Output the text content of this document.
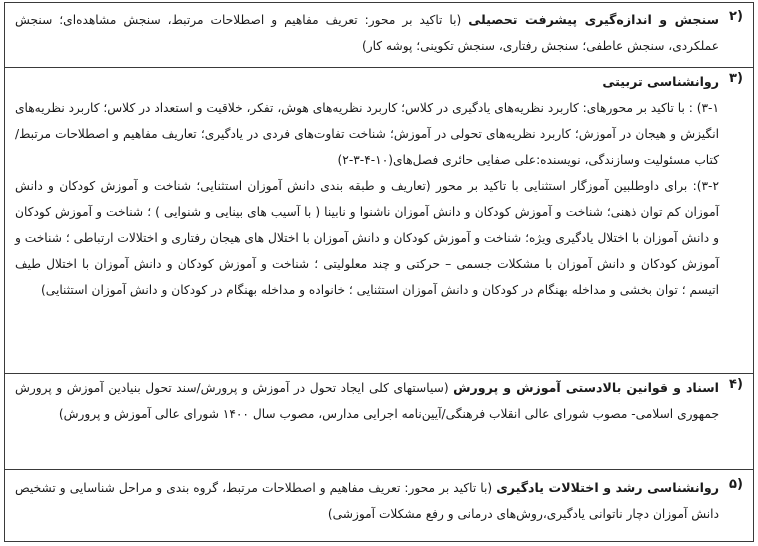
۲)
سنجش و اندازه‌گیری پیشرفت تحصیلی (با تاکید بر محور: تعریف مفاهیم و اصطلاحات مرتبط، سنجش مشاهده‌ای؛ سنجش عملکردی، سنجش عاطفی؛ سنجش رفتاری، سنجش تکوینی؛ پوشه کار)
۳)
روانشناسی تربیتی
۳-۱) : با تاکید بر محورهای: کاربرد نظریه‌های یادگیری در کلاس؛ کاربرد نظریه‌های هوش، تفکر، خلاقیت و استعداد در کلاس؛ کاربرد نظریه‌های انگیزش و هیجان در آموزش؛ کاربرد نظریه‌های تحولی در آموزش؛ شناخت تفاوت‌های فردی در یادگیری؛ تعاریف مفاهیم و اصطلاحات مرتبط/کتاب مسئولیت وسازندگی، نویسنده:علی صفایی حائری فصل‌های(۱۰-۴-۳-۲)
۳-۲): برای داوطلبین آموزگار استثنایی با تاکید بر محور (تعاریف و طبقه بندی دانش آموزان استثنایی؛ شناخت و آموزش کودکان و دانش آموزان کم توان ذهنی؛ شناخت و آموزش کودکان و دانش آموزان ناشنوا و نابینا ( با آسیب های بینایی و شنوایی ) ؛ شناخت و آموزش کودکان و دانش آموزان با اختلال یادگیری ویژه؛ شناخت و آموزش کودکان و دانش آموزان با اختلال های هیجان رفتاری و اختلالات ارتباطی ؛ شناخت و آموزش کودکان و دانش آموزان با مشکلات جسمی – حرکتی و چند معلولیتی ؛ شناخت و آموزش کودکان و دانش آموزان با اختلال طیف اتیسم ؛ توان بخشی و مداخله بهنگام در کودکان و دانش آموزان استثنایی ؛ خانواده و مداخله بهنگام در کودکان و دانش آموزان استثنایی)
۴)
اسناد و قوانین بالادستی آموزش و پرورش (سیاستهای کلی ایجاد تحول در آموزش و پرورش/سند تحول بنیادین آموزش و پرورش جمهوری اسلامی- مصوب شورای عالی انقلاب فرهنگی/آیین‌نامه اجرایی مدارس، مصوب سال ۱۴۰۰ شورای عالی آموزش و پرورش)
۵)
روانشناسی رشد و اختلالات یادگیری (با تاکید بر محور: تعریف مفاهیم و اصطلاحات مرتبط، گروه بندی و مراحل شناسایی و تشخیص دانش آموزان دچار ناتوانی یادگیری،روش‌های درمانی و رفع مشکلات آموزشی)
